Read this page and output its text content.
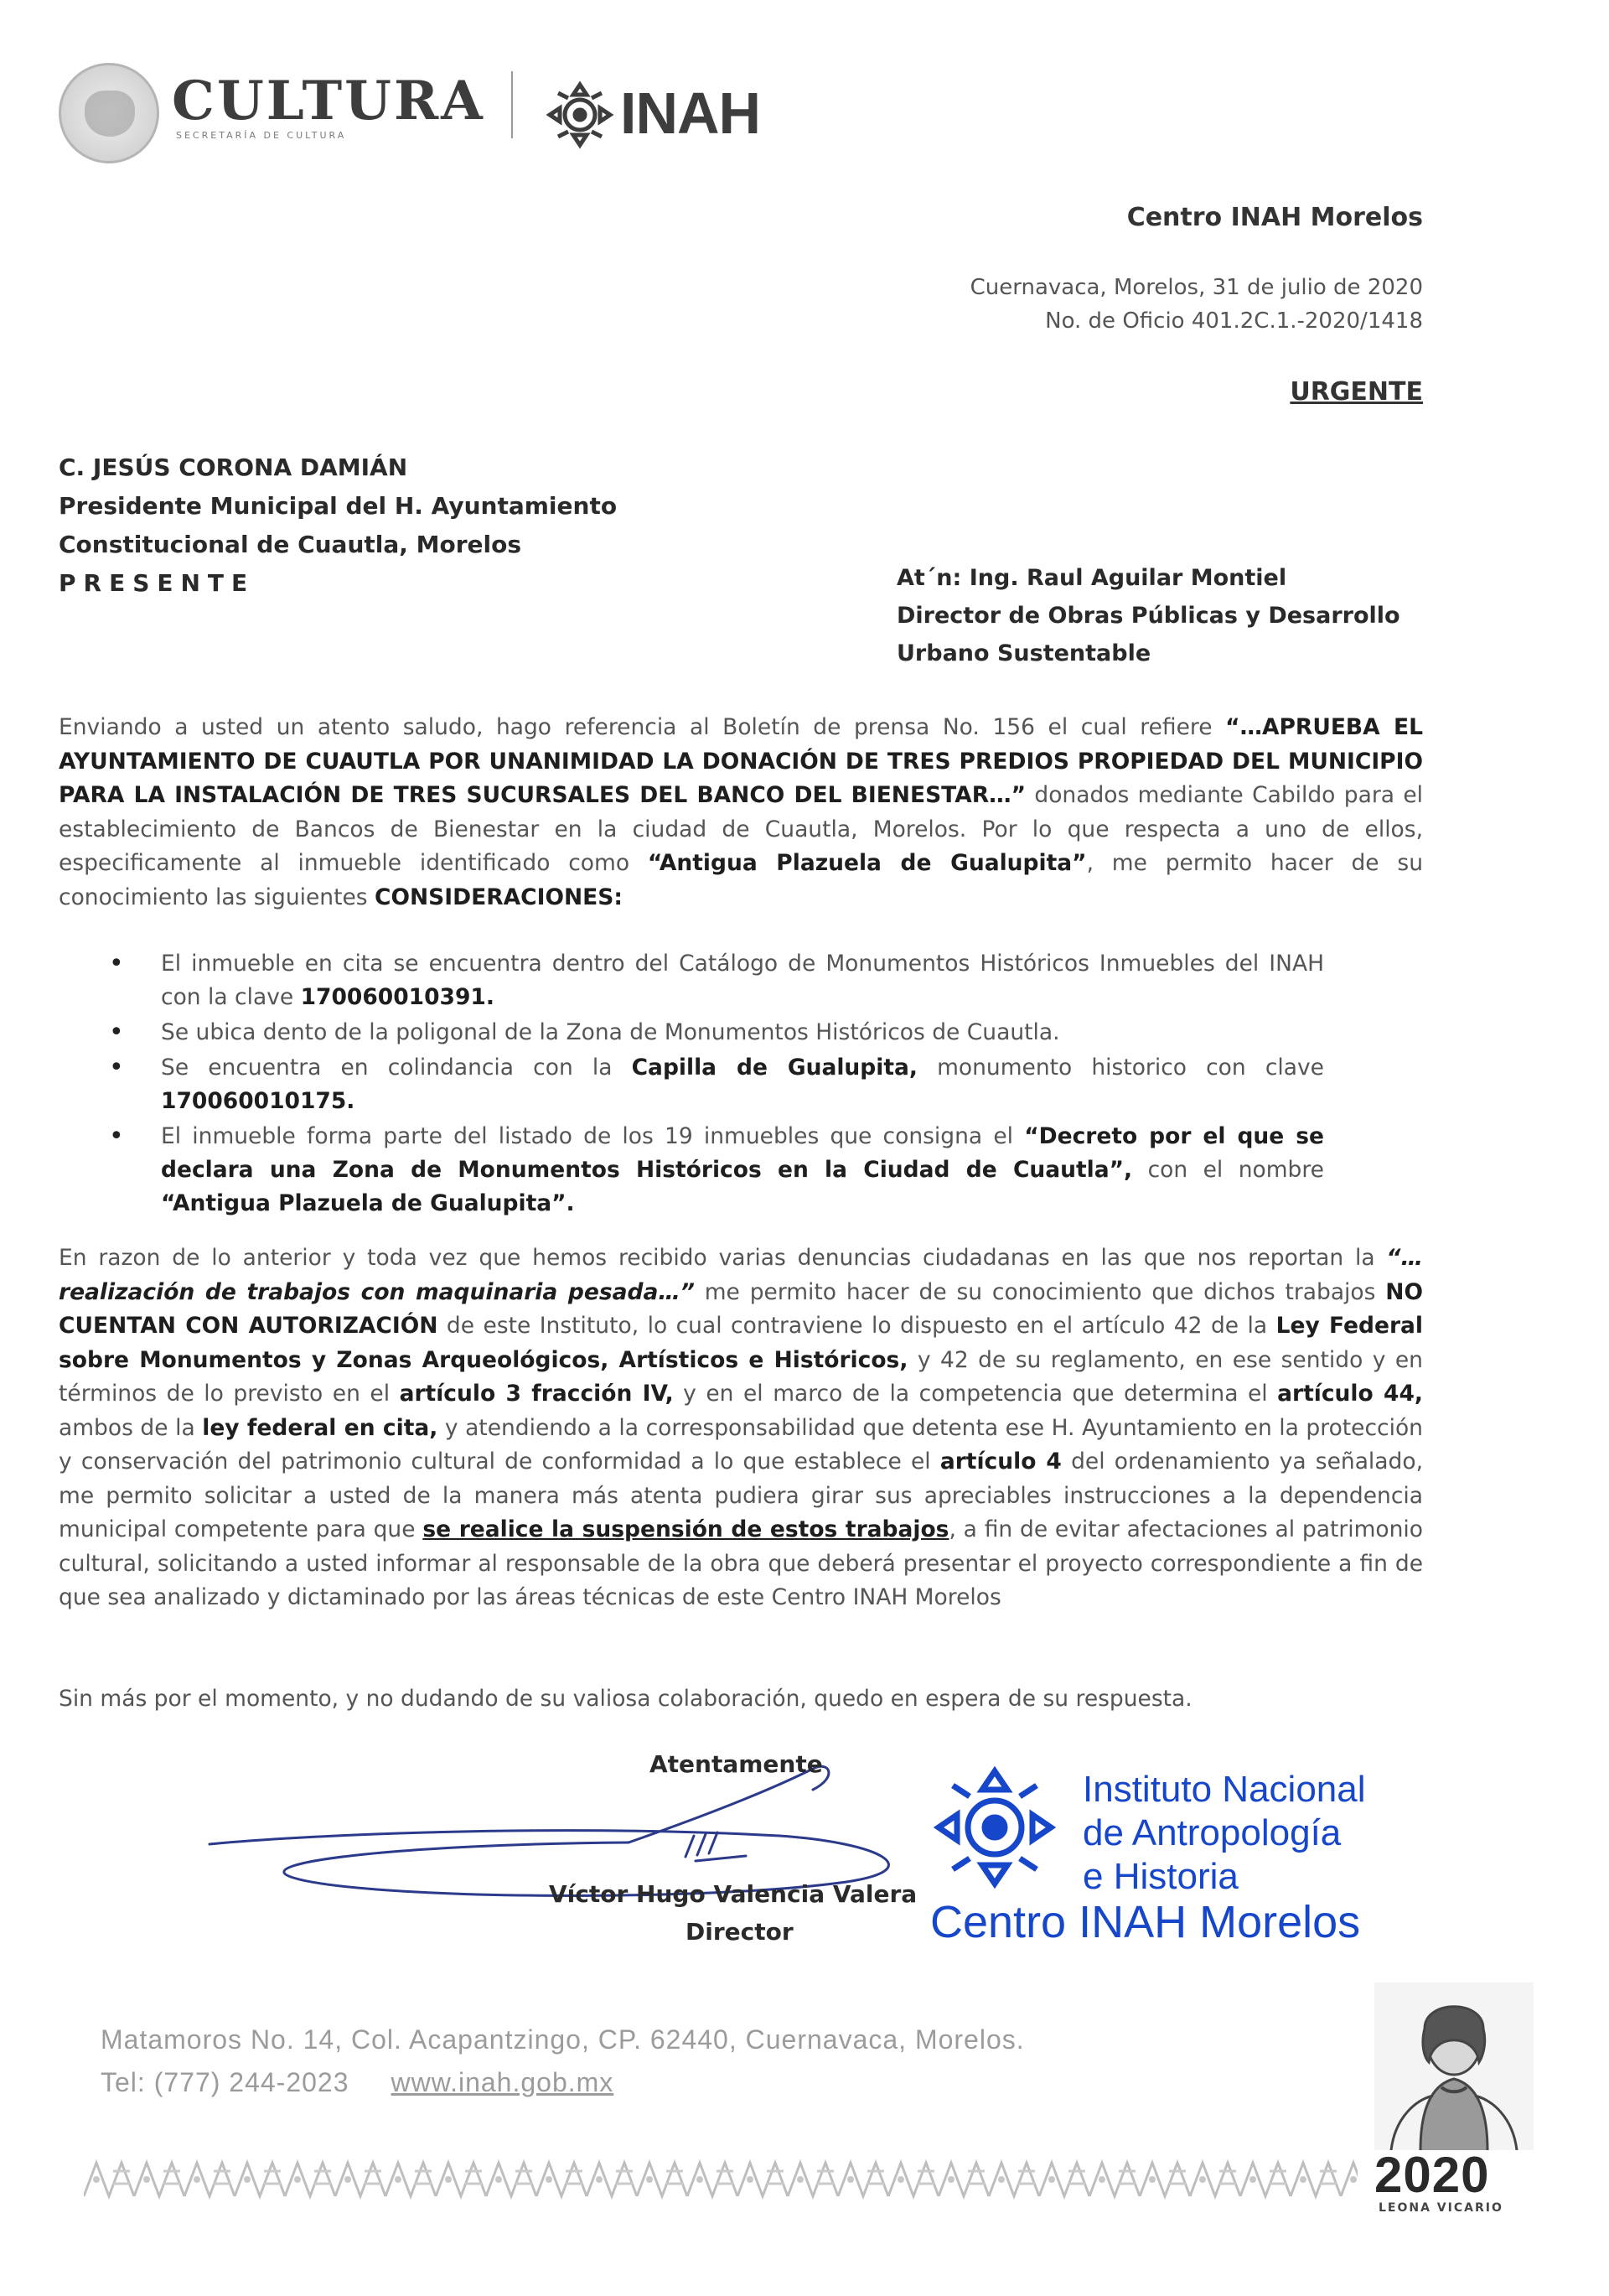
CULTURA
SECRETARÍA DE CULTURA	INAH
Centro INAH Morelos
Cuernavaca, Morelos, 31 de julio de 2020
No. de Oficio 401.2C.1.-2020/1418
URGENTE
C. JESÚS CORONA DAMIÁN
Presidente Municipal del H. Ayuntamiento
Constitucional de Cuautla, Morelos
PRESENTE	At´n: Ing. Raul Aguilar Montiel
Director de Obras Públicas y Desarrollo
Urbano Sustentable

Enviando a usted un atento saludo, hago referencia al Boletín de prensa No. 156 el cual refiere “…APRUEBA EL AYUNTAMIENTO DE CUAUTLA POR UNANIMIDAD LA DONACIÓN DE TRES PREDIOS PROPIEDAD DEL MUNICIPIO PARA LA INSTALACIÓN DE TRES SUCURSALES DEL BANCO DEL BIENESTAR…” donados mediante Cabildo para el establecimiento de Bancos de Bienestar en la ciudad de Cuautla, Morelos. Por lo que respecta a uno de ellos, especificamente al inmueble identificado como “Antigua Plazuela de Gualupita”, me permito hacer de su conocimiento las siguientes CONSIDERACIONES:

• El inmueble en cita se encuentra dentro del Catálogo de Monumentos Históricos Inmuebles del INAH con la clave 170060010391.
• Se ubica dento de la poligonal de la Zona de Monumentos Históricos de Cuautla.
• Se encuentra en colindancia con la Capilla de Gualupita, monumento historico con clave 170060010175.
• El inmueble forma parte del listado de los 19 inmuebles que consigna el “Decreto por el que se declara una Zona de Monumentos Históricos en la Ciudad de Cuautla”, con el nombre “Antigua Plazuela de Gualupita”.

En razon de lo anterior y toda vez que hemos recibido varias denuncias ciudadanas en las que nos reportan la “…realización de trabajos con maquinaria pesada…” me permito hacer de su conocimiento que dichos trabajos NO CUENTAN CON AUTORIZACIÓN de este Instituto, lo cual contraviene lo dispuesto en el artículo 42 de la Ley Federal sobre Monumentos y Zonas Arqueológicos, Artísticos e Históricos, y 42 de su reglamento, en ese sentido y en términos de lo previsto en el artículo 3 fracción IV, y en el marco de la competencia que determina el artículo 44, ambos de la ley federal en cita, y atendiendo a la corresponsabilidad que detenta ese H. Ayuntamiento en la protección y conservación del patrimonio cultural de conformidad a lo que establece el artículo 4 del ordenamiento ya señalado, me permito solicitar a usted de la manera más atenta pudiera girar sus apreciables instrucciones a la dependencia municipal competente para que se realice la suspensión de estos trabajos, a fin de evitar afectaciones al patrimonio cultural, solicitando a usted informar al responsable de la obra que deberá presentar el proyecto correspondiente a fin de que sea analizado y dictaminado por las áreas técnicas de este Centro INAH Morelos

Sin más por el momento, y no dudando de su valiosa colaboración, quedo en espera de su respuesta.

Atentamente
Víctor Hugo Valencia Valera
Director
Instituto Nacional
de Antropología
e Historia
Centro INAH Morelos
Matamoros No. 14, Col. Acapantzingo, CP. 62440, Cuernavaca, Morelos.
Tel: (777) 244-2023 www.inah.gob.mx
2020
LEONA VICARIO
